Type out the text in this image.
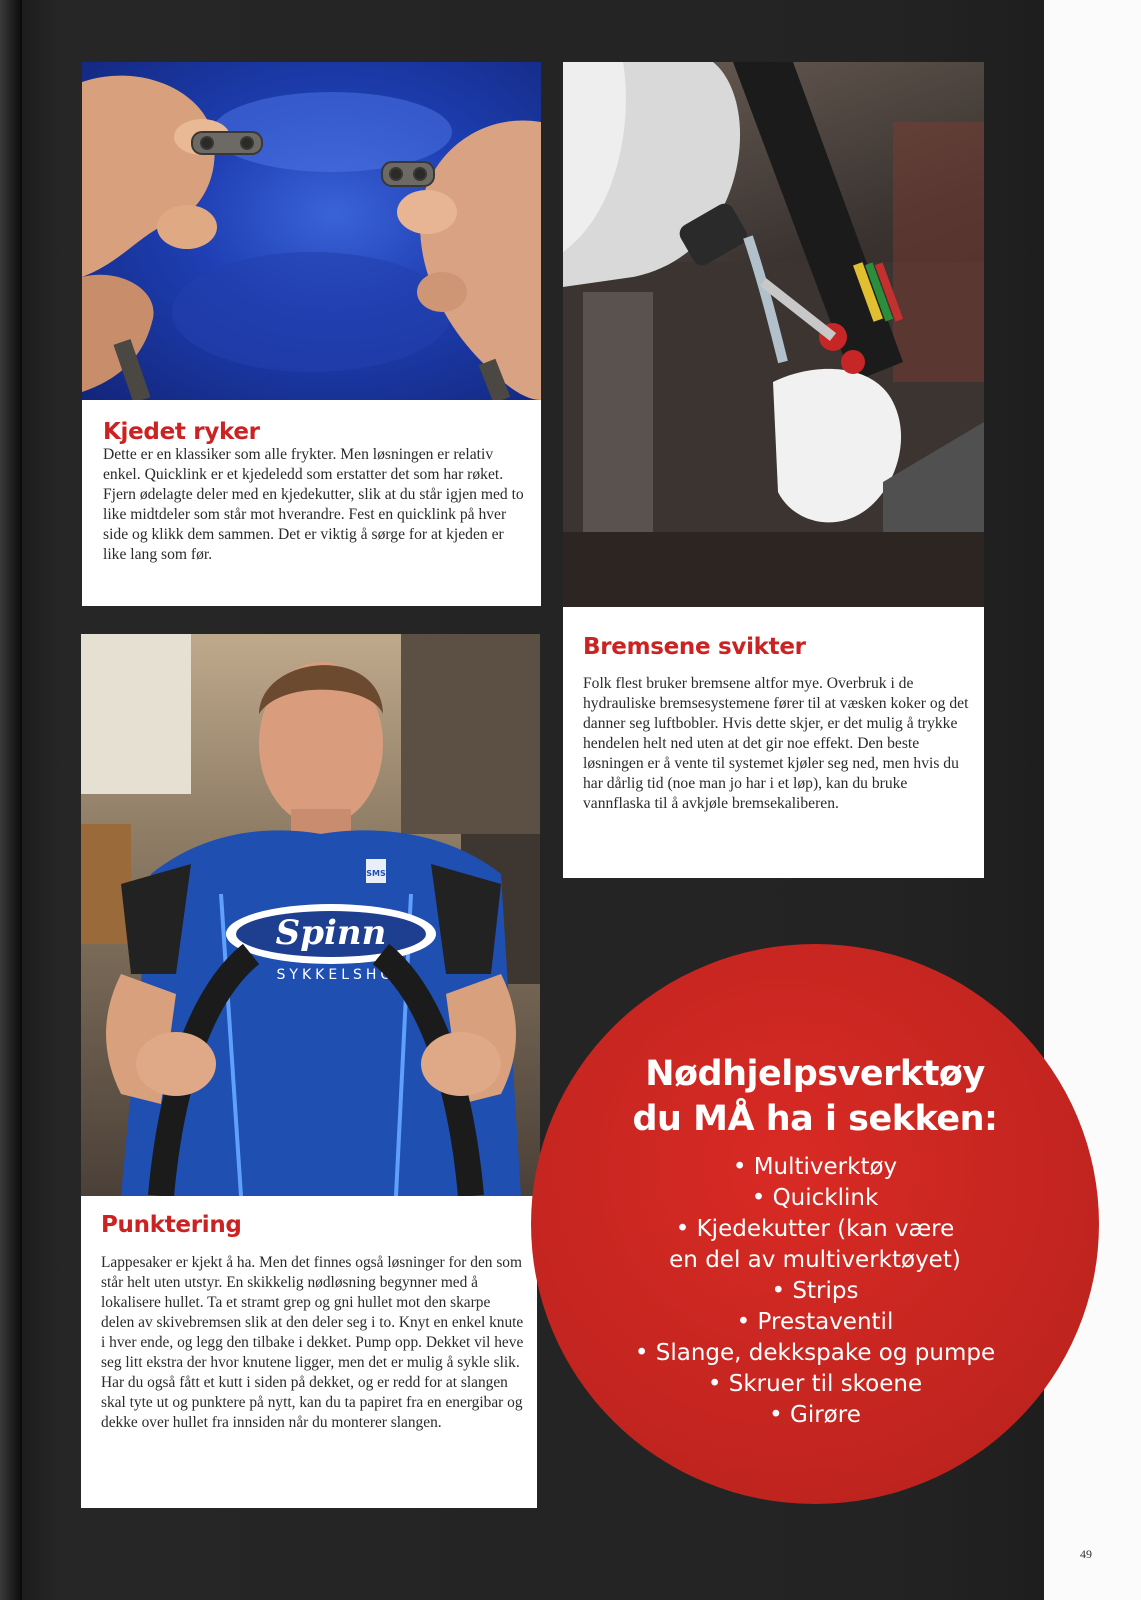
Spinn
SYKKELSHO
SMS
Kjedet ryker

Dette er en klassiker som alle frykter. Men løsningen er relativ enkel. Quicklink er et kjedeledd som erstatter det som har røket. Fjern ødelagte deler med en kjedekutter, slik at du står igjen med to like midtdeler som står mot hverandre. Fest en quicklink på hver side og klikk dem sammen. Det er viktig å sørge for at kjeden er like lang som før.

Bremsene svikter

Folk flest bruker bremsene altfor mye. Overbruk i de hydrauliske bremsesystemene fører til at væsken koker og det danner seg luftbobler. Hvis dette skjer, er det mulig å trykke hendelen helt ned uten at det gir noe effekt. Den beste løsningen er å vente til systemet kjøler seg ned, men hvis du har dårlig tid (noe man jo har i et løp), kan du bruke vannflaska til å avkjøle bremsekaliberen.

Punktering

Lappesaker er kjekt å ha. Men det finnes også løsninger for den som står helt uten utstyr. En skikkelig nødløsning begynner med å lokalisere hullet. Ta et stramt grep og gni hullet mot den skarpe delen av skivebremsen slik at den deler seg i to. Knyt en enkel knute i hver ende, og legg den tilbake i dekket. Pump opp. Dekket vil heve seg litt ekstra der hvor knutene ligger, men det er mulig å sykle slik. Har du også fått et kutt i siden på dekket, og er redd for at slangen skal tyte ut og punktere på nytt, kan du ta papiret fra en energibar og dekke over hullet fra innsiden når du monterer slangen.

Nødhjelpsverktøy
du MÅ ha i sekken:
• Multiverktøy
• Quicklink
• Kjedekutter (kan være
en del av multiverktøyet)
• Strips
• Prestaventil
• Slange, dekkspake og pumpe
• Skruer til skoene
• Girøre
49
